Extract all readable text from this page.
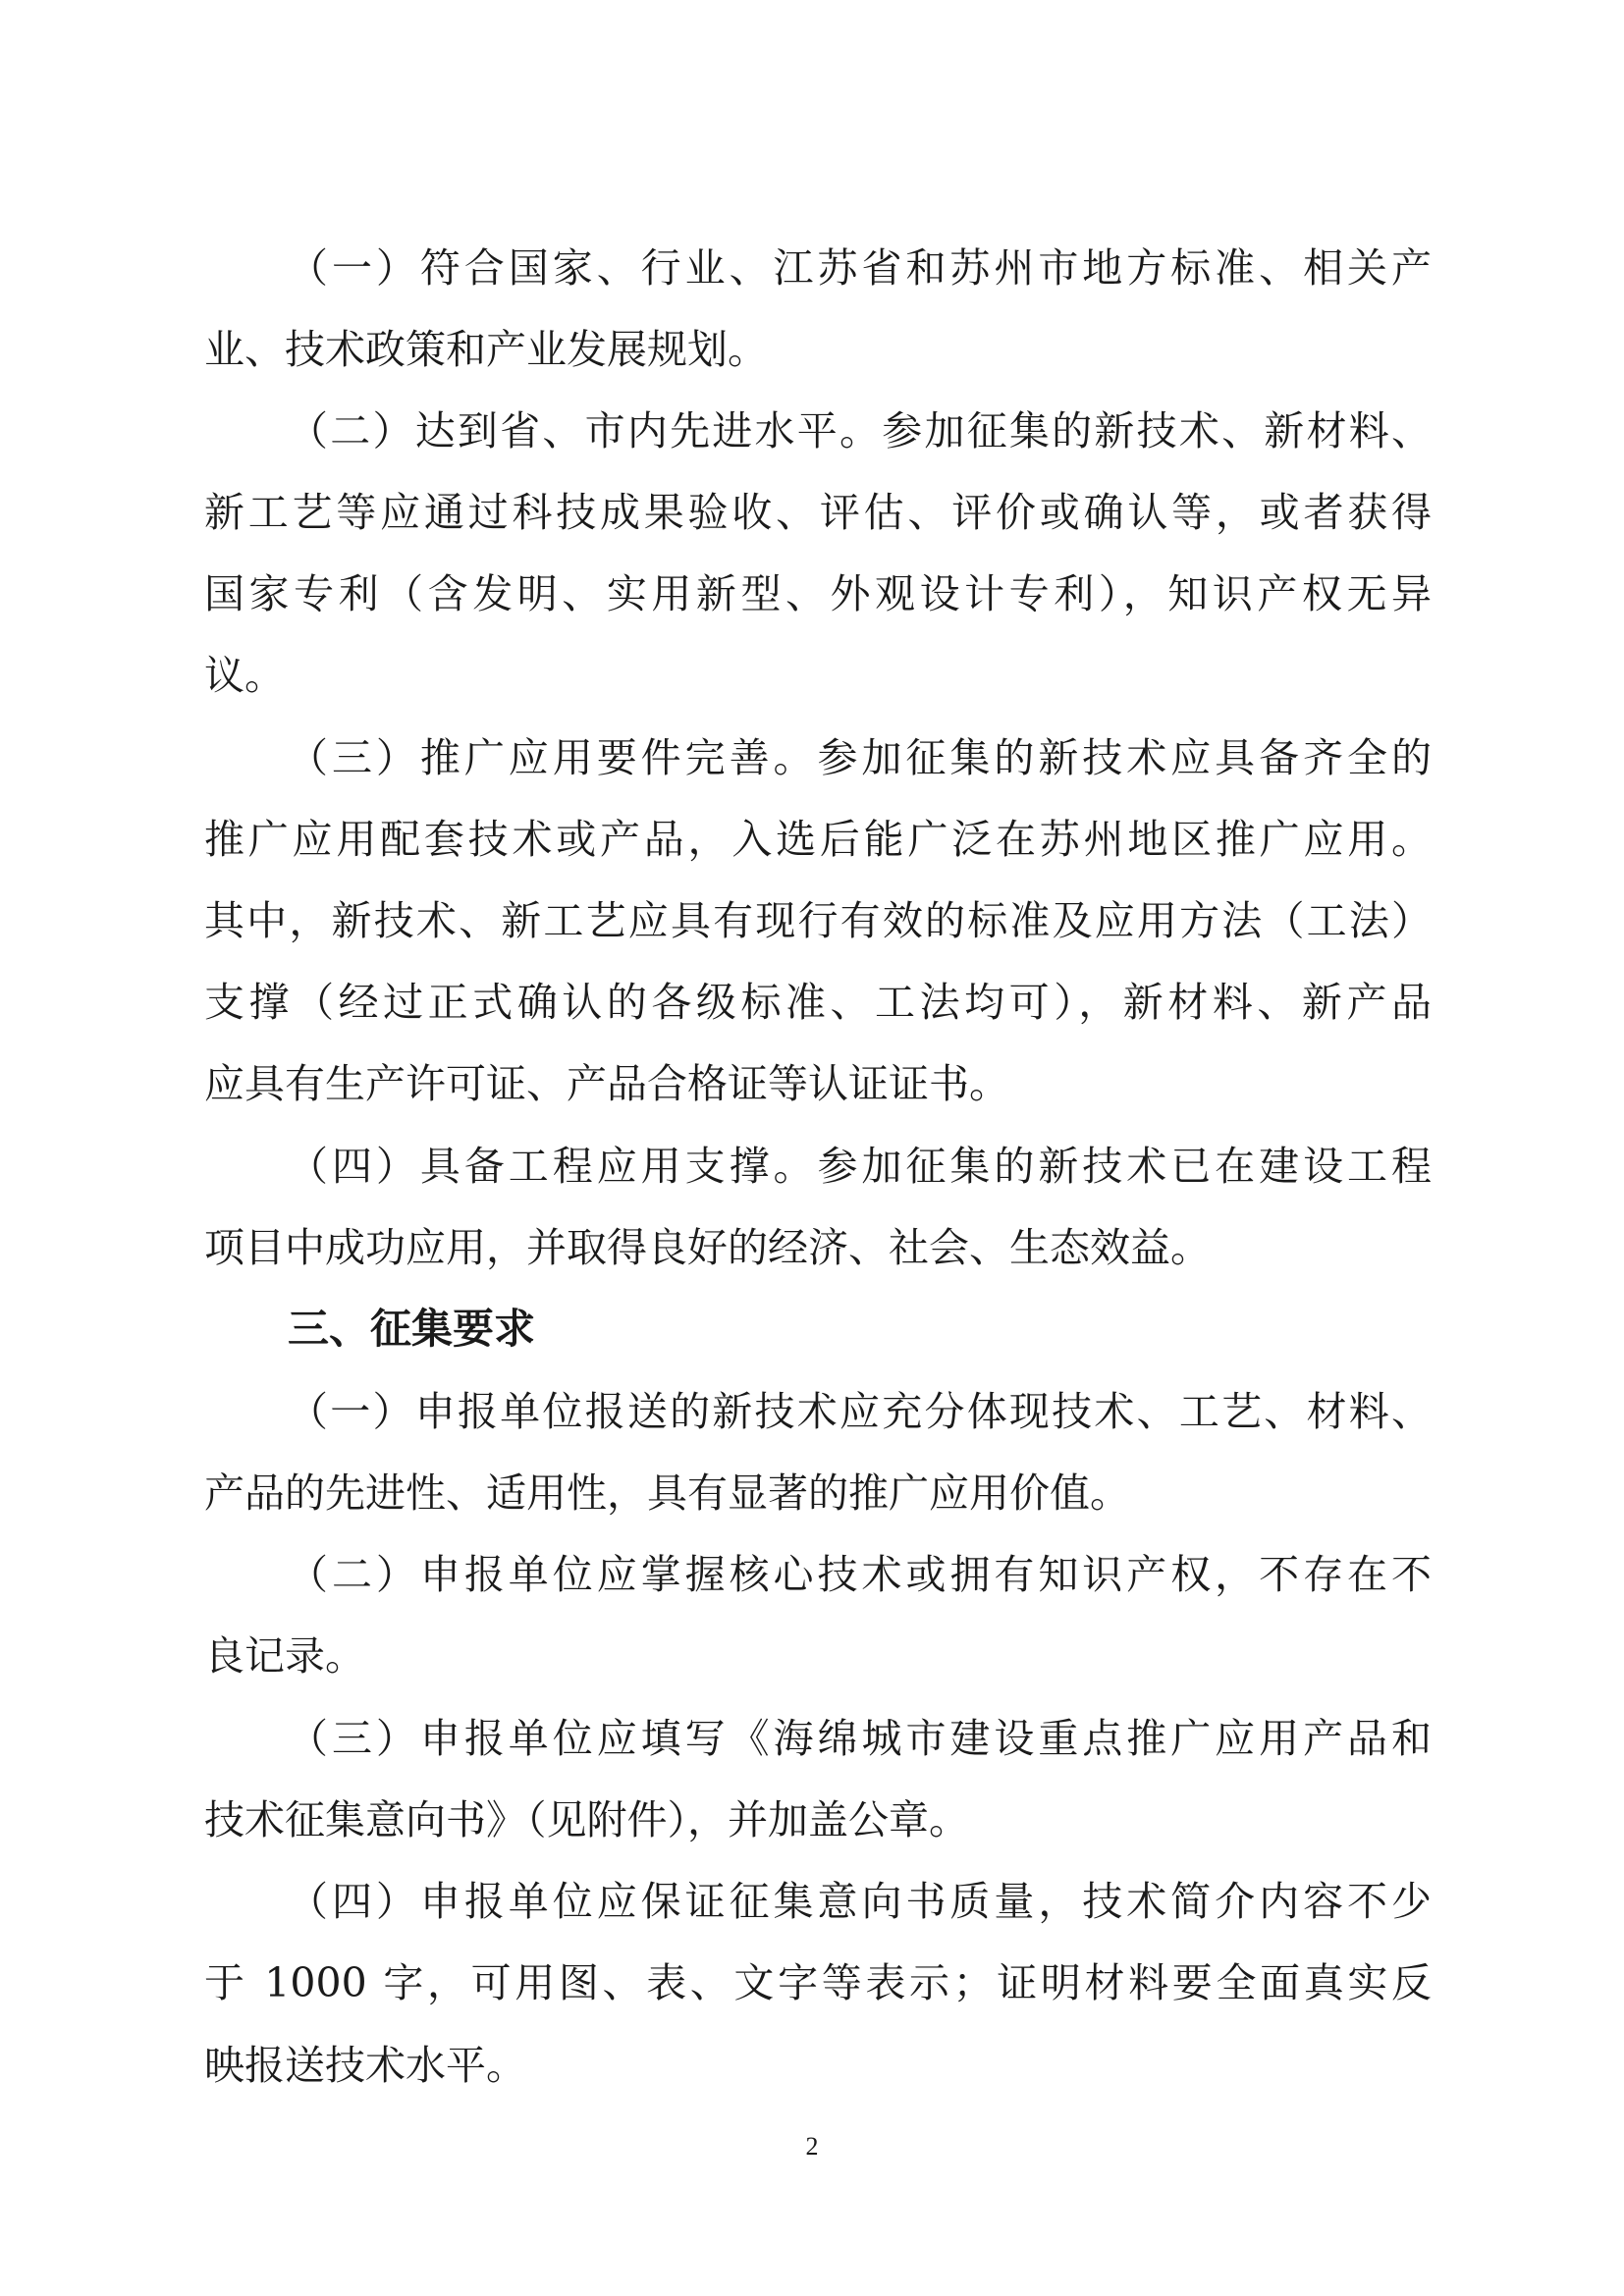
（一）符合国家、行业、江苏省和苏州市地方标准、相关产
业、技术政策和产业发展规划。
（二）达到省、市内先进水平。参加征集的新技术、新材料、
新工艺等应通过科技成果验收、评估、评价或确认等，或者获得
国家专利（含发明、实用新型、外观设计专利），知识产权无异
议。
（三）推广应用要件完善。参加征集的新技术应具备齐全的
推广应用配套技术或产品，入选后能广泛在苏州地区推广应用。
其中，新技术、新工艺应具有现行有效的标准及应用方法（工法）
支撑（经过正式确认的各级标准、工法均可），新材料、新产品
应具有生产许可证、产品合格证等认证证书。
（四）具备工程应用支撑。参加征集的新技术已在建设工程
项目中成功应用，并取得良好的经济、社会、生态效益。
三、征集要求
（一）申报单位报送的新技术应充分体现技术、工艺、材料、
产品的先进性、适用性，具有显著的推广应用价值。
（二）申报单位应掌握核心技术或拥有知识产权，不存在不
良记录。
（三）申报单位应填写《海绵城市建设重点推广应用产品和
技术征集意向书》（见附件），并加盖公章。
（四）申报单位应保证征集意向书质量，技术简介内容不少
于 1000 字，可用图、表、文字等表示；证明材料要全面真实反
映报送技术水平。
2
